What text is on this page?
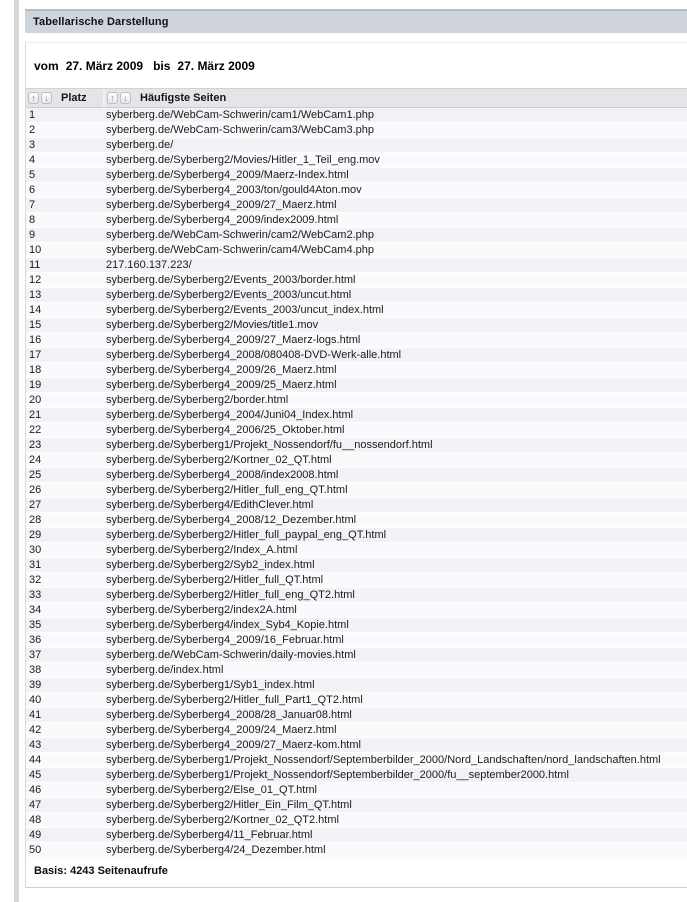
Tabellarische Darstellung
vom 27. März 2009 bis 27. März 2009
↑ ↓ Platz	↑ ↓ Häufigste Seiten
1	syberberg.de/WebCam-Schwerin/cam1/WebCam1.php
2	syberberg.de/WebCam-Schwerin/cam3/WebCam3.php
3	syberberg.de/
4	syberberg.de/Syberberg2/Movies/Hitler_1_Teil_eng.mov
5	syberberg.de/Syberberg4_2009/Maerz-Index.html
6	syberberg.de/Syberberg4_2003/ton/gould4Aton.mov
7	syberberg.de/Syberberg4_2009/27_Maerz.html
8	syberberg.de/Syberberg4_2009/index2009.html
9	syberberg.de/WebCam-Schwerin/cam2/WebCam2.php
10	syberberg.de/WebCam-Schwerin/cam4/WebCam4.php
11	217.160.137.223/
12	syberberg.de/Syberberg2/Events_2003/border.html
13	syberberg.de/Syberberg2/Events_2003/uncut.html
14	syberberg.de/Syberberg2/Events_2003/uncut_index.html
15	syberberg.de/Syberberg2/Movies/title1.mov
16	syberberg.de/Syberberg4_2009/27_Maerz-logs.html
17	syberberg.de/Syberberg4_2008/080408-DVD-Werk-alle.html
18	syberberg.de/Syberberg4_2009/26_Maerz.html
19	syberberg.de/Syberberg4_2009/25_Maerz.html
20	syberberg.de/Syberberg2/border.html
21	syberberg.de/Syberberg4_2004/Juni04_Index.html
22	syberberg.de/Syberberg4_2006/25_Oktober.html
23	syberberg.de/Syberberg1/Projekt_Nossendorf/fu__nossendorf.html
24	syberberg.de/Syberberg2/Kortner_02_QT.html
25	syberberg.de/Syberberg4_2008/index2008.html
26	syberberg.de/Syberberg2/Hitler_full_eng_QT.html
27	syberberg.de/Syberberg4/EdithClever.html
28	syberberg.de/Syberberg4_2008/12_Dezember.html
29	syberberg.de/Syberberg2/Hitler_full_paypal_eng_QT.html
30	syberberg.de/Syberberg2/Index_A.html
31	syberberg.de/Syberberg2/Syb2_index.html
32	syberberg.de/Syberberg2/Hitler_full_QT.html
33	syberberg.de/Syberberg2/Hitler_full_eng_QT2.html
34	syberberg.de/Syberberg2/index2A.html
35	syberberg.de/Syberberg4/index_Syb4_Kopie.html
36	syberberg.de/Syberberg4_2009/16_Februar.html
37	syberberg.de/WebCam-Schwerin/daily-movies.html
38	syberberg.de/index.html
39	syberberg.de/Syberberg1/Syb1_index.html
40	syberberg.de/Syberberg2/Hitler_full_Part1_QT2.html
41	syberberg.de/Syberberg4_2008/28_Januar08.html
42	syberberg.de/Syberberg4_2009/24_Maerz.html
43	syberberg.de/Syberberg4_2009/27_Maerz-kom.html
44	syberberg.de/Syberberg1/Projekt_Nossendorf/Septemberbilder_2000/Nord_Landschaften/nord_landschaften.html
45	syberberg.de/Syberberg1/Projekt_Nossendorf/Septemberbilder_2000/fu__september2000.html
46	syberberg.de/Syberberg2/Else_01_QT.html
47	syberberg.de/Syberberg2/Hitler_Ein_Film_QT.html
48	syberberg.de/Syberberg2/Kortner_02_QT2.html
49	syberberg.de/Syberberg4/11_Februar.html
50	syberberg.de/Syberberg4/24_Dezember.html
Basis: 4243 Seitenaufrufe
